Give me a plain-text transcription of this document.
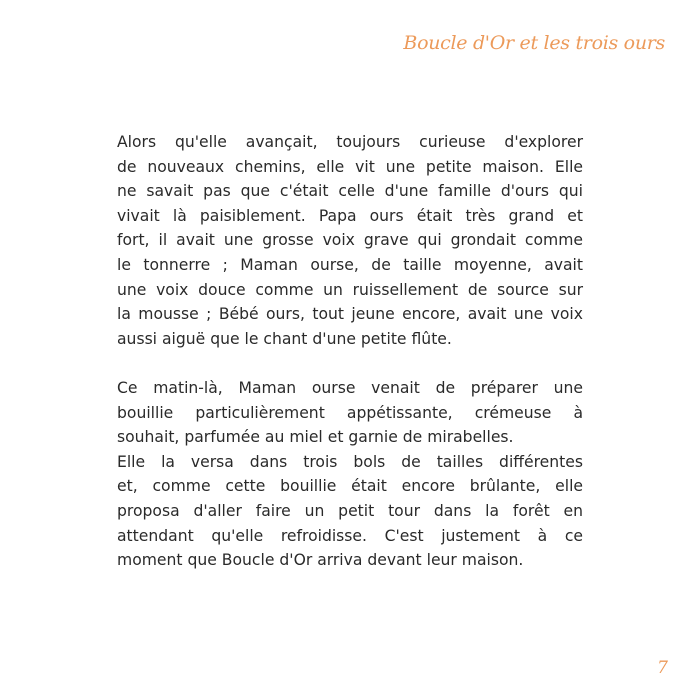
Boucle d'Or et les trois ours
Alors qu'elle avançait, toujours curieuse d'explorer
de nouveaux chemins, elle vit une petite maison. Elle
ne savait pas que c'était celle d'une famille d'ours qui
vivait là paisiblement. Papa ours était très grand et
fort, il avait une grosse voix grave qui grondait comme
le tonnerre ; Maman ourse, de taille moyenne, avait
une voix douce comme un ruissellement de source sur
la mousse ; Bébé ours, tout jeune encore, avait une voix
aussi aiguë que le chant d'une petite flûte.
Ce matin-là, Maman ourse venait de préparer une
bouillie particulièrement appétissante, crémeuse à
souhait, parfumée au miel et garnie de mirabelles.
Elle la versa dans trois bols de tailles différentes
et, comme cette bouillie était encore brûlante, elle
proposa d'aller faire un petit tour dans la forêt en
attendant qu'elle refroidisse. C'est justement à ce
moment que Boucle d'Or arriva devant leur maison.
7
